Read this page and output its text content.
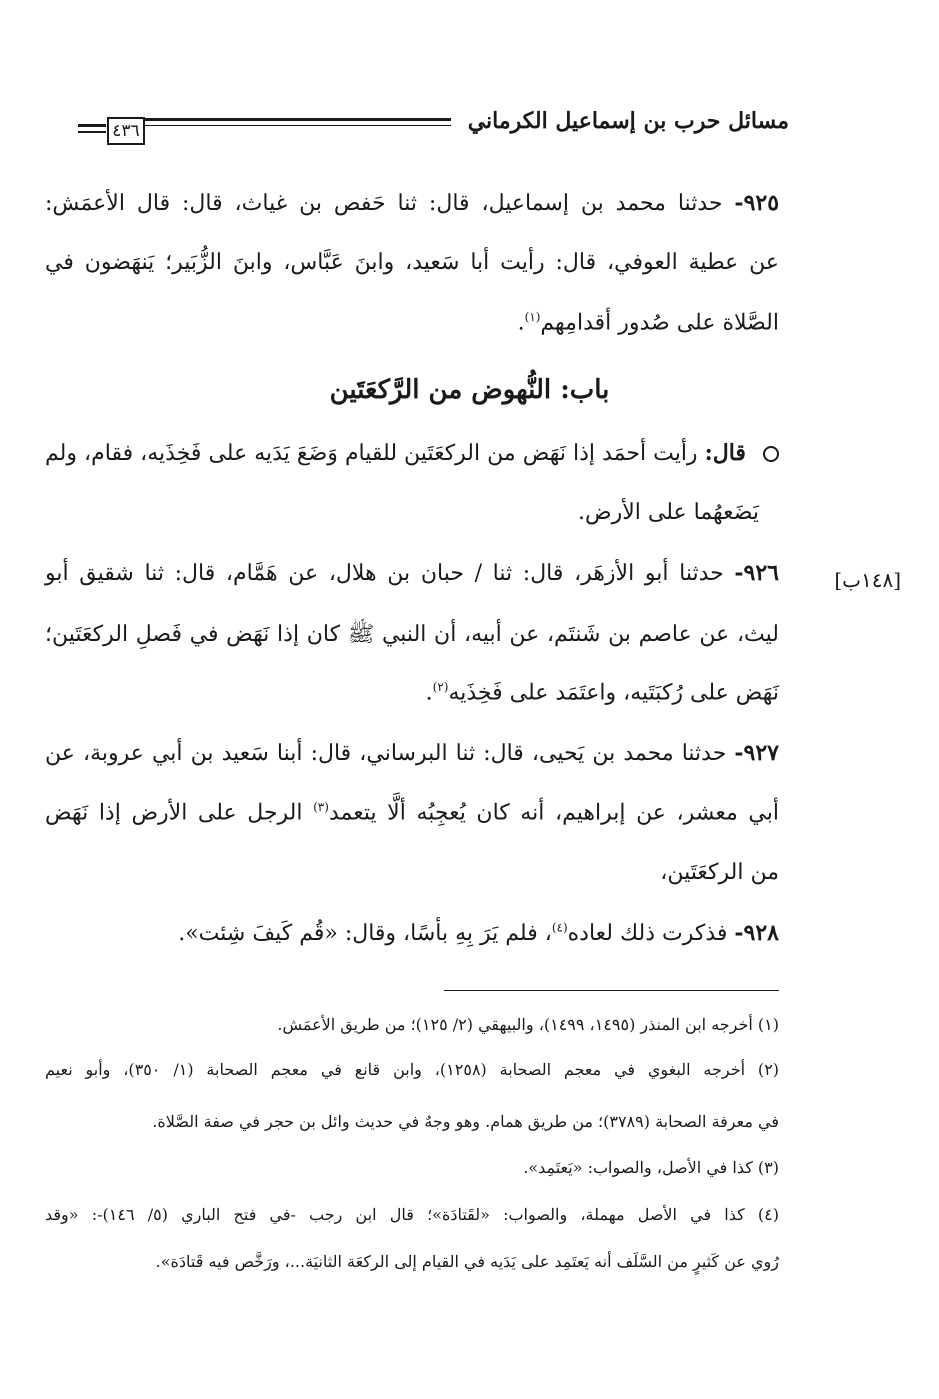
مسائل حرب بن إسماعيل الكرماني
٤٣٦
٩٢٥- حدثنا محمد بن إسماعيل، قال: ثنا حَفص بن غياث، قال: قال الأعمَش:
عن عطية العوفي، قال: رأيت أبا سَعيد، وابنَ عَبَّاس، وابنَ الزُّبَير؛ يَنهَضون في
الصَّلاة على صُدور أقدامِهم$^{(١)}$.
باب: النُّهوض من الرَّكعَتَين
قال: رأيت أحمَد إذا نَهَض من الركعَتَين للقيام وَضَعَ يَدَيه على فَخِذَيه، فقام، ولم
يَضَعهُما على الأرض.
[١٤٨ب]
٩٢٦- حدثنا أبو الأزهَر، قال: ثنا / حبان بن هلال، عن هَمَّام، قال: ثنا شقيق أبو
ليث، عن عاصم بن شَنتَم، عن أبيه، أن النبي ﷺ كان إذا نَهَض في فَصلِ الركعَتَين؛
نَهَض على رُكبَتَيه، واعتَمَد على فَخِذَيه$^{(٢)}$.
٩٢٧- حدثنا محمد بن يَحيى، قال: ثنا البرساني، قال: أبنا سَعيد بن أبي عروبة، عن
أبي معشر، عن إبراهيم، أنه كان يُعجِبُه ألَّا يتعمد$^{(٣)}$ الرجل على الأرض إذا نَهَض
من الركعَتَين،
٩٢٨- فذكرت ذلك لعاده$^{(٤)}$، فلم يَرَ بِهِ بأسًا، وقال: «قُم كَيفَ شِئت».
(١) أخرجه ابن المنذر (١٤٩٥، ١٤٩٩)، والبيهقي (٢/ ١٢٥)؛ من طريق الأعمَش.
(٢) أخرجه البغوي في معجم الصحابة (١٢٥٨)، وابن قانع في معجم الصحابة (١/ ٣٥٠)، وأبو نعيم
في معرفة الصحابة (٣٧٨٩)؛ من طريق همام. وهو وجهٌ في حديث وائل بن حجر في صفة الصَّلاة.
(٣) كذا في الأصل، والصواب: «يَعتَمِد».
(٤) كذا في الأصل مهملة، والصواب: «لقَتادَة»؛ قال ابن رجب -في فتح الباري (٥/ ١٤٦)-: «وقد
رُوي عن كَثيرٍ من السَّلَف أنه يَعتَمِد على يَدَيه في القيام إلى الركعَة الثانيَة...، ورَخَّص فيه قَتادَة».
